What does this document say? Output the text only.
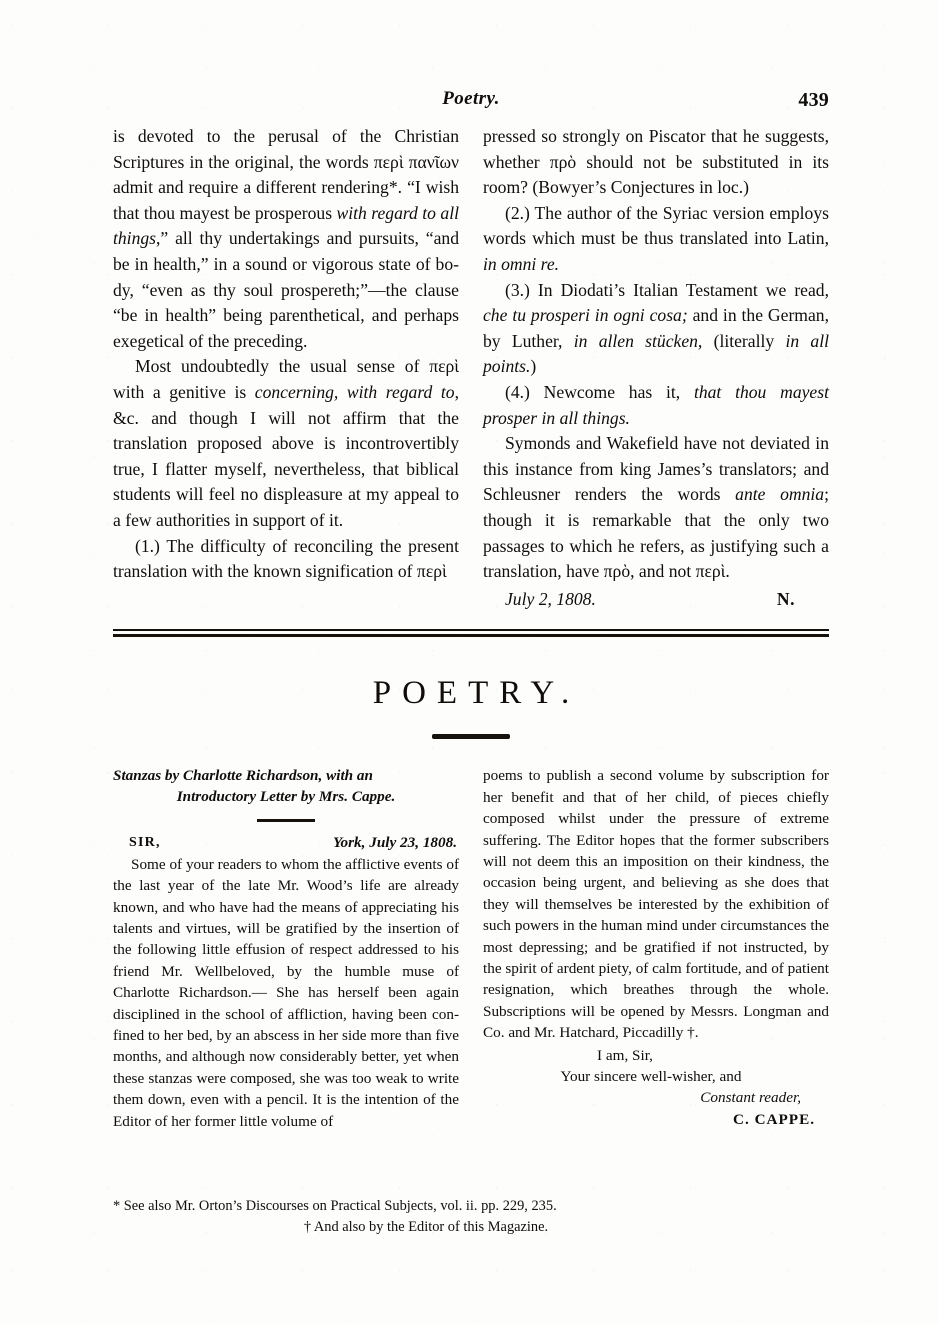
Poetry.	439

is devoted to the perusal of the Christian Scriptures in the original, the words περὶ πανῖων admit and require a different rendering*. “I wish that thou mayest be prosperous with regard to all things,” all thy undertakings and pursuits, “and be in health,” in a sound or vigorous state of body, “even as thy soul prospereth;”—the clause “be in health” being parenthetical, and perhaps exegetical of the preceding.

Most undoubtedly the usual sense of περὶ with a genitive is concerning, with regard to, &c. and though I will not affirm that the translation proposed above is incontrovertibly true, I flatter myself, nevertheless, that biblical students will feel no displeasure at my appeal to a few authorities in support of it.

(1.) The difficulty of reconciling the present translation with the known signification of περὶ

pressed so strongly on Piscator that he suggests, whether πρὸ should not be substituted in its room? (Bowyer’s Conjectures in loc.)

(2.) The author of the Syriac version employs words which must be thus translated into Latin, in omni re.

(3.) In Diodati’s Italian Testament we read, che tu prosperi in ogni cosa; and in the German, by Luther, in allen stücken, (literally in all points.)

(4.) Newcome has it, that thou mayest prosper in all things.

Symonds and Wakefield have not deviated in this instance from king James’s translators; and Schleusner renders the words ante omnia; though it is remarkable that the only two passages to which he refers, as justifying such a translation, have πρὸ, and not περὶ.

July 2, 1808.	N.
POETRY.
Stanzas by Charlotte Richardson, with an
Introductory Letter by Mrs. Cappe.
SIR,	York, July 23, 1808.

Some of your readers to whom the afflictive events of the last year of the late Mr. Wood’s life are already known, and who have had the means of appreciating his talents and virtues, will be gratified by the insertion of the following little effusion of respect addressed to his friend Mr. Wellbeloved, by the humble muse of Charlotte Richardson.— She has herself been again disciplined in the school of affliction, having been confined to her bed, by an abscess in her side more than five months, and although now considerably better, yet when these stanzas were composed, she was too weak to write them down, even with a pencil. It is the intention of the Editor of her former little volume of

poems to publish a second volume by subscription for her benefit and that of her child, of pieces chiefly composed whilst under the pressure of extreme suffering. The Editor hopes that the former subscribers will not deem this an imposition on their kindness, the occasion being urgent, and believing as she does that they will themselves be interested by the exhibition of such powers in the human mind under circumstances the most depressing; and be gratified if not instructed, by the spirit of ardent piety, of calm fortitude, and of patient resignation, which breathes through the whole. Subscriptions will be opened by Messrs. Longman and Co. and Mr. Hatchard, Piccadilly †.

I am, Sir,
Your sincere well-wisher, and
Constant reader,
C. CAPPE.
* See also Mr. Orton’s Discourses on Practical Subjects, vol. ii. pp. 229, 235.
† And also by the Editor of this Magazine.
